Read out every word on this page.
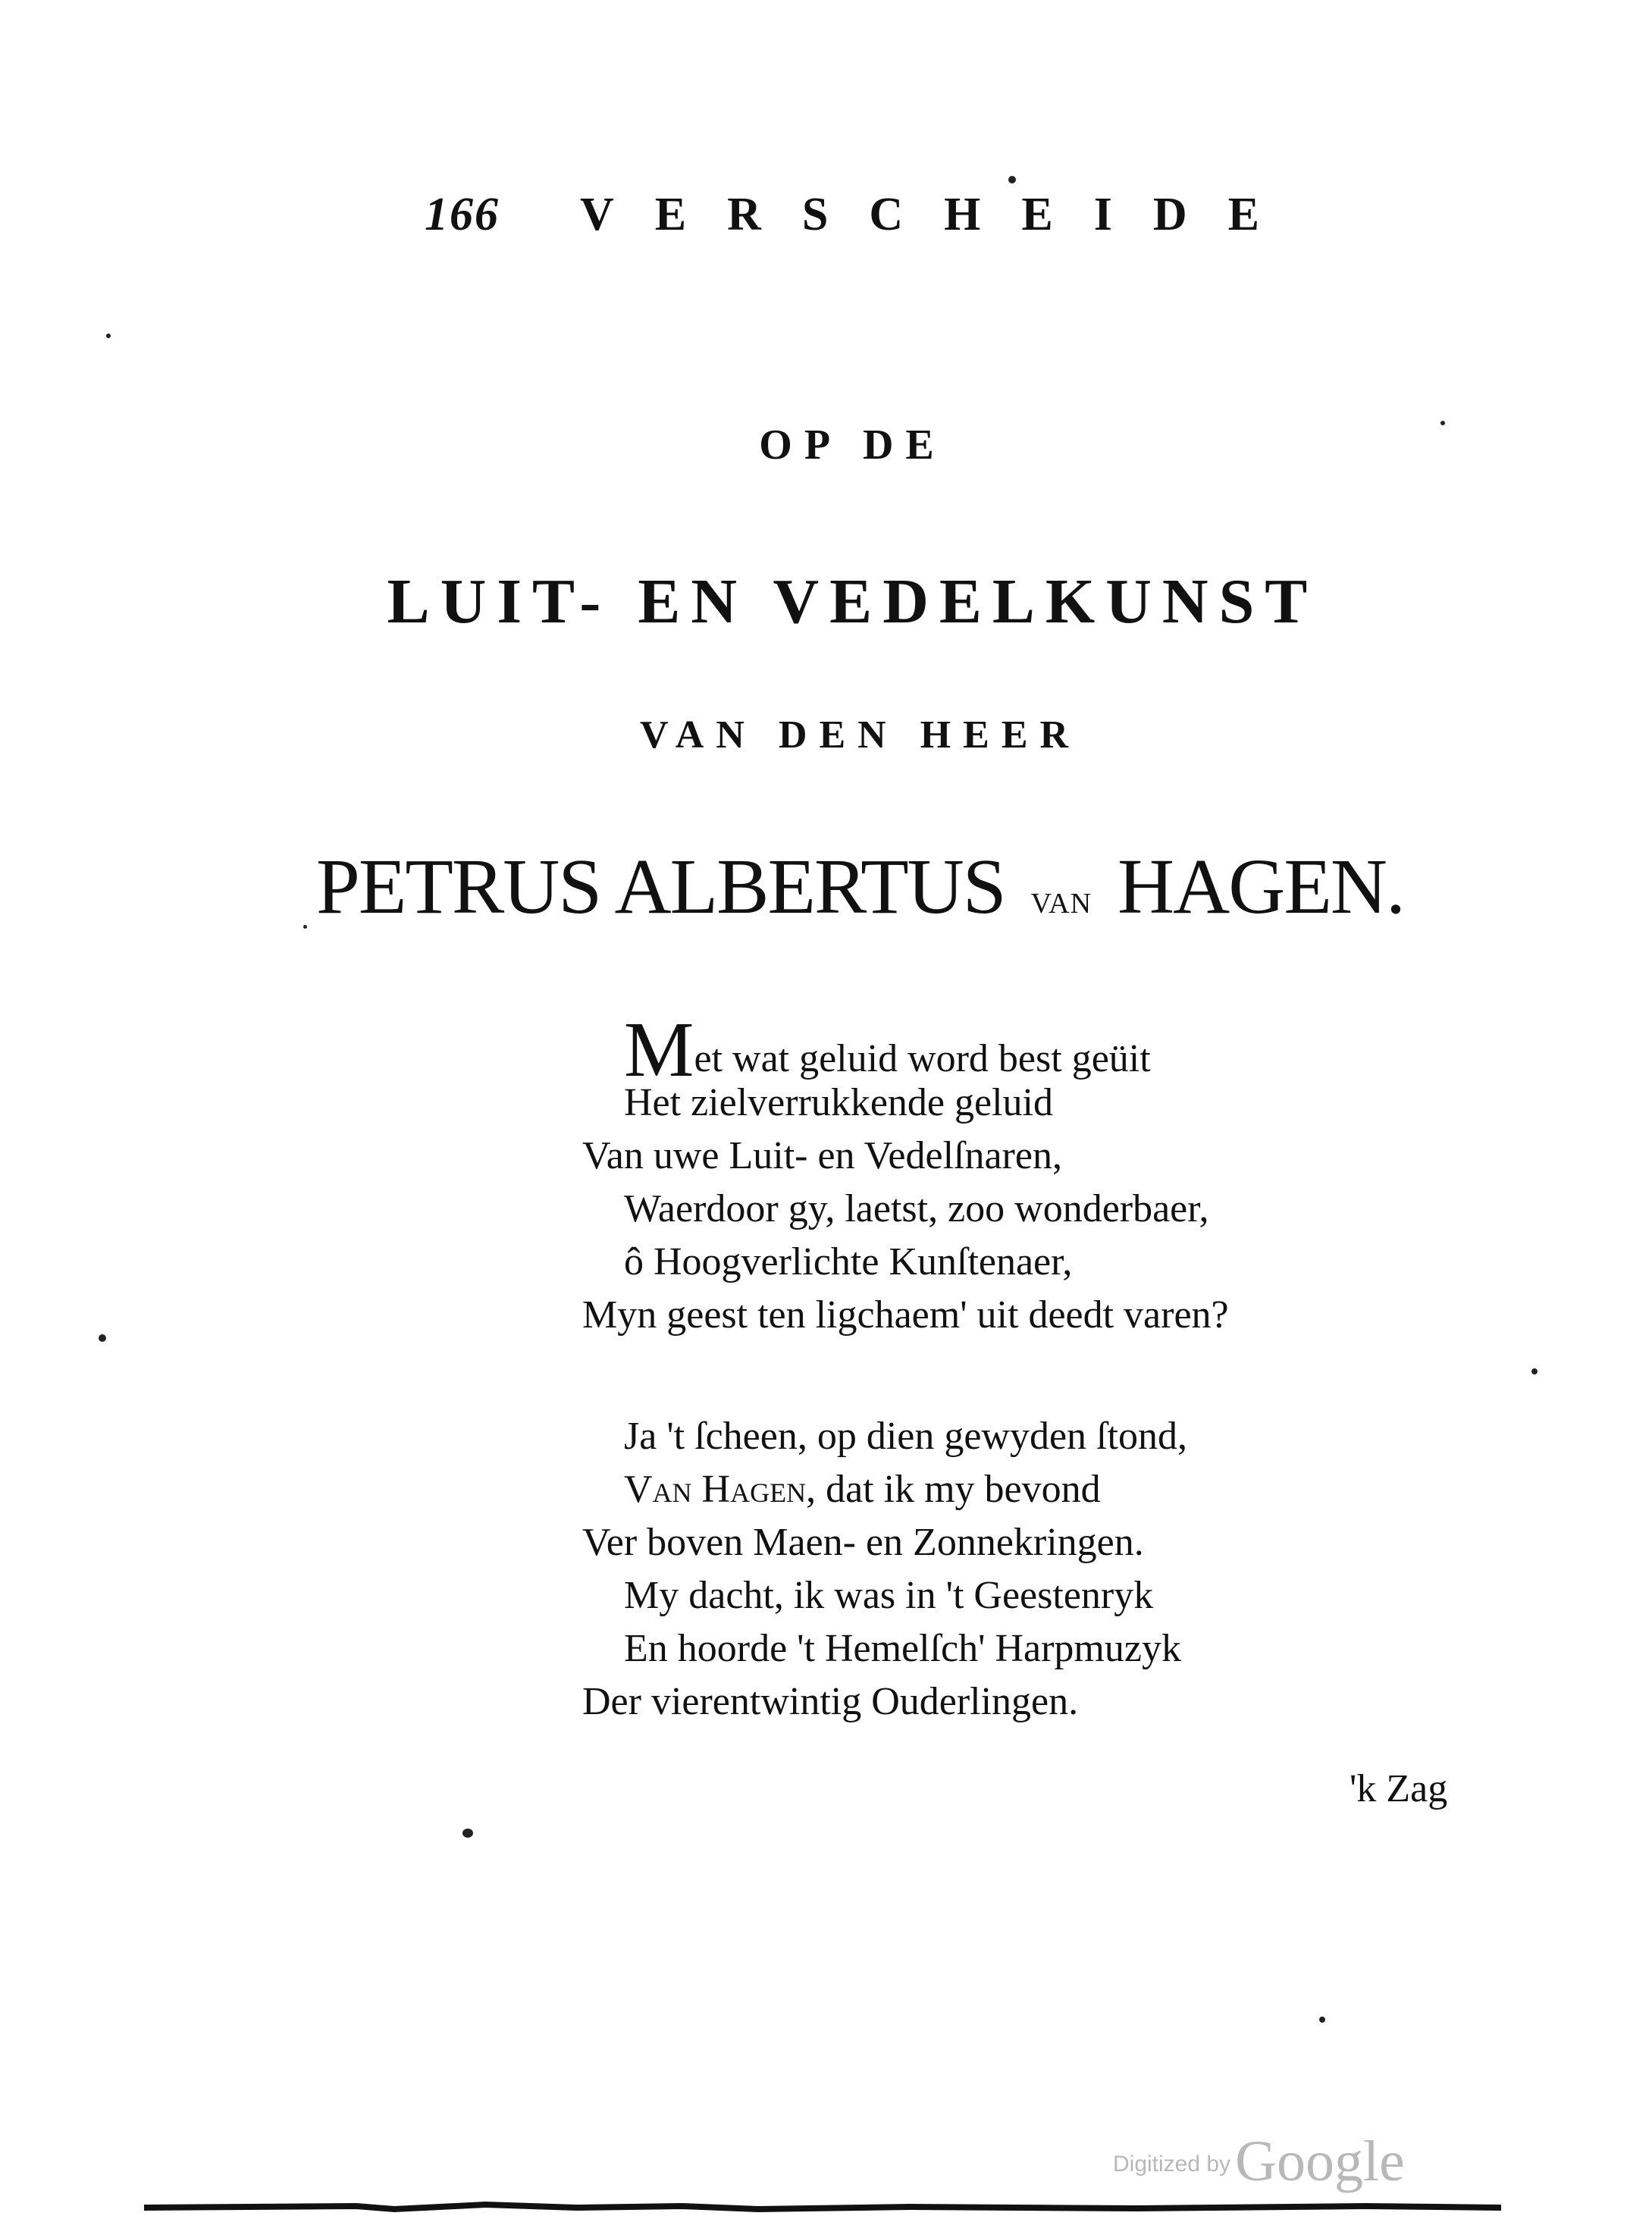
166 VERSCHEIDE
OP DE
LUIT- EN VEDELKUNST
VAN DEN HEER
PETRUS ALBERTUS VAN HAGEN.
Met wat geluid word best geüit
Het zielverrukkende geluid
Van uwe Luit- en Vedelſnaren,
Waerdoor gy, laetst, zoo wonderbaer,
ô Hoogverlichte Kunſtenaer,
Myn geest ten ligchaem' uit deedt varen?
Ja 't ſcheen, op dien gewyden ſtond,
Van Hagen, dat ik my bevond
Ver boven Maen- en Zonnekringen.
My dacht, ik was in 't Geestenryk
En hoorde 't Hemelſch' Harpmuzyk
Der vierentwintig Ouderlingen.
'k Zag
Digitized byGoogle
